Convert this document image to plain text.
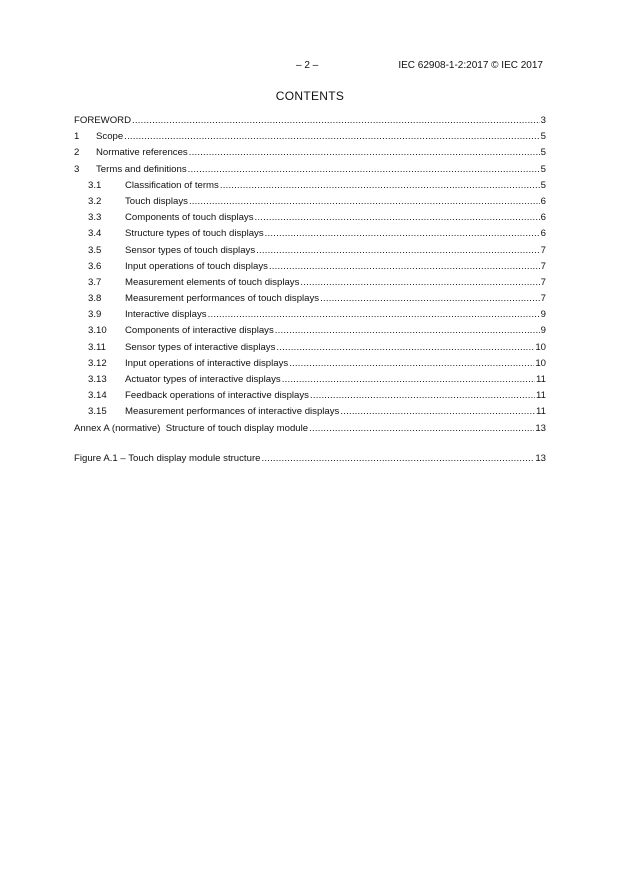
– 2 –	IEC 62908-1-2:2017 © IEC 2017
CONTENTS
FOREWORD .....	3
1	Scope .....	5
2	Normative references .....	5
3	Terms and definitions .....	5
3.1	Classification of terms .....	5
3.2	Touch displays .....	6
3.3	Components of touch displays .....	6
3.4	Structure types of touch displays .....	6
3.5	Sensor types of touch displays .....	7
3.6	Input operations of touch displays .....	7
3.7	Measurement elements of touch displays .....	7
3.8	Measurement performances of touch displays .....	7
3.9	Interactive displays .....	9
3.10	Components of interactive displays .....	9
3.11	Sensor types of interactive displays .....	10
3.12	Input operations of interactive displays .....	10
3.13	Actuator types of interactive displays .....	11
3.14	Feedback operations of interactive displays .....	11
3.15	Measurement performances of interactive displays .....	11
Annex A (normative)  Structure of touch display module .....	13
Figure A.1 – Touch display module structure .....	13
